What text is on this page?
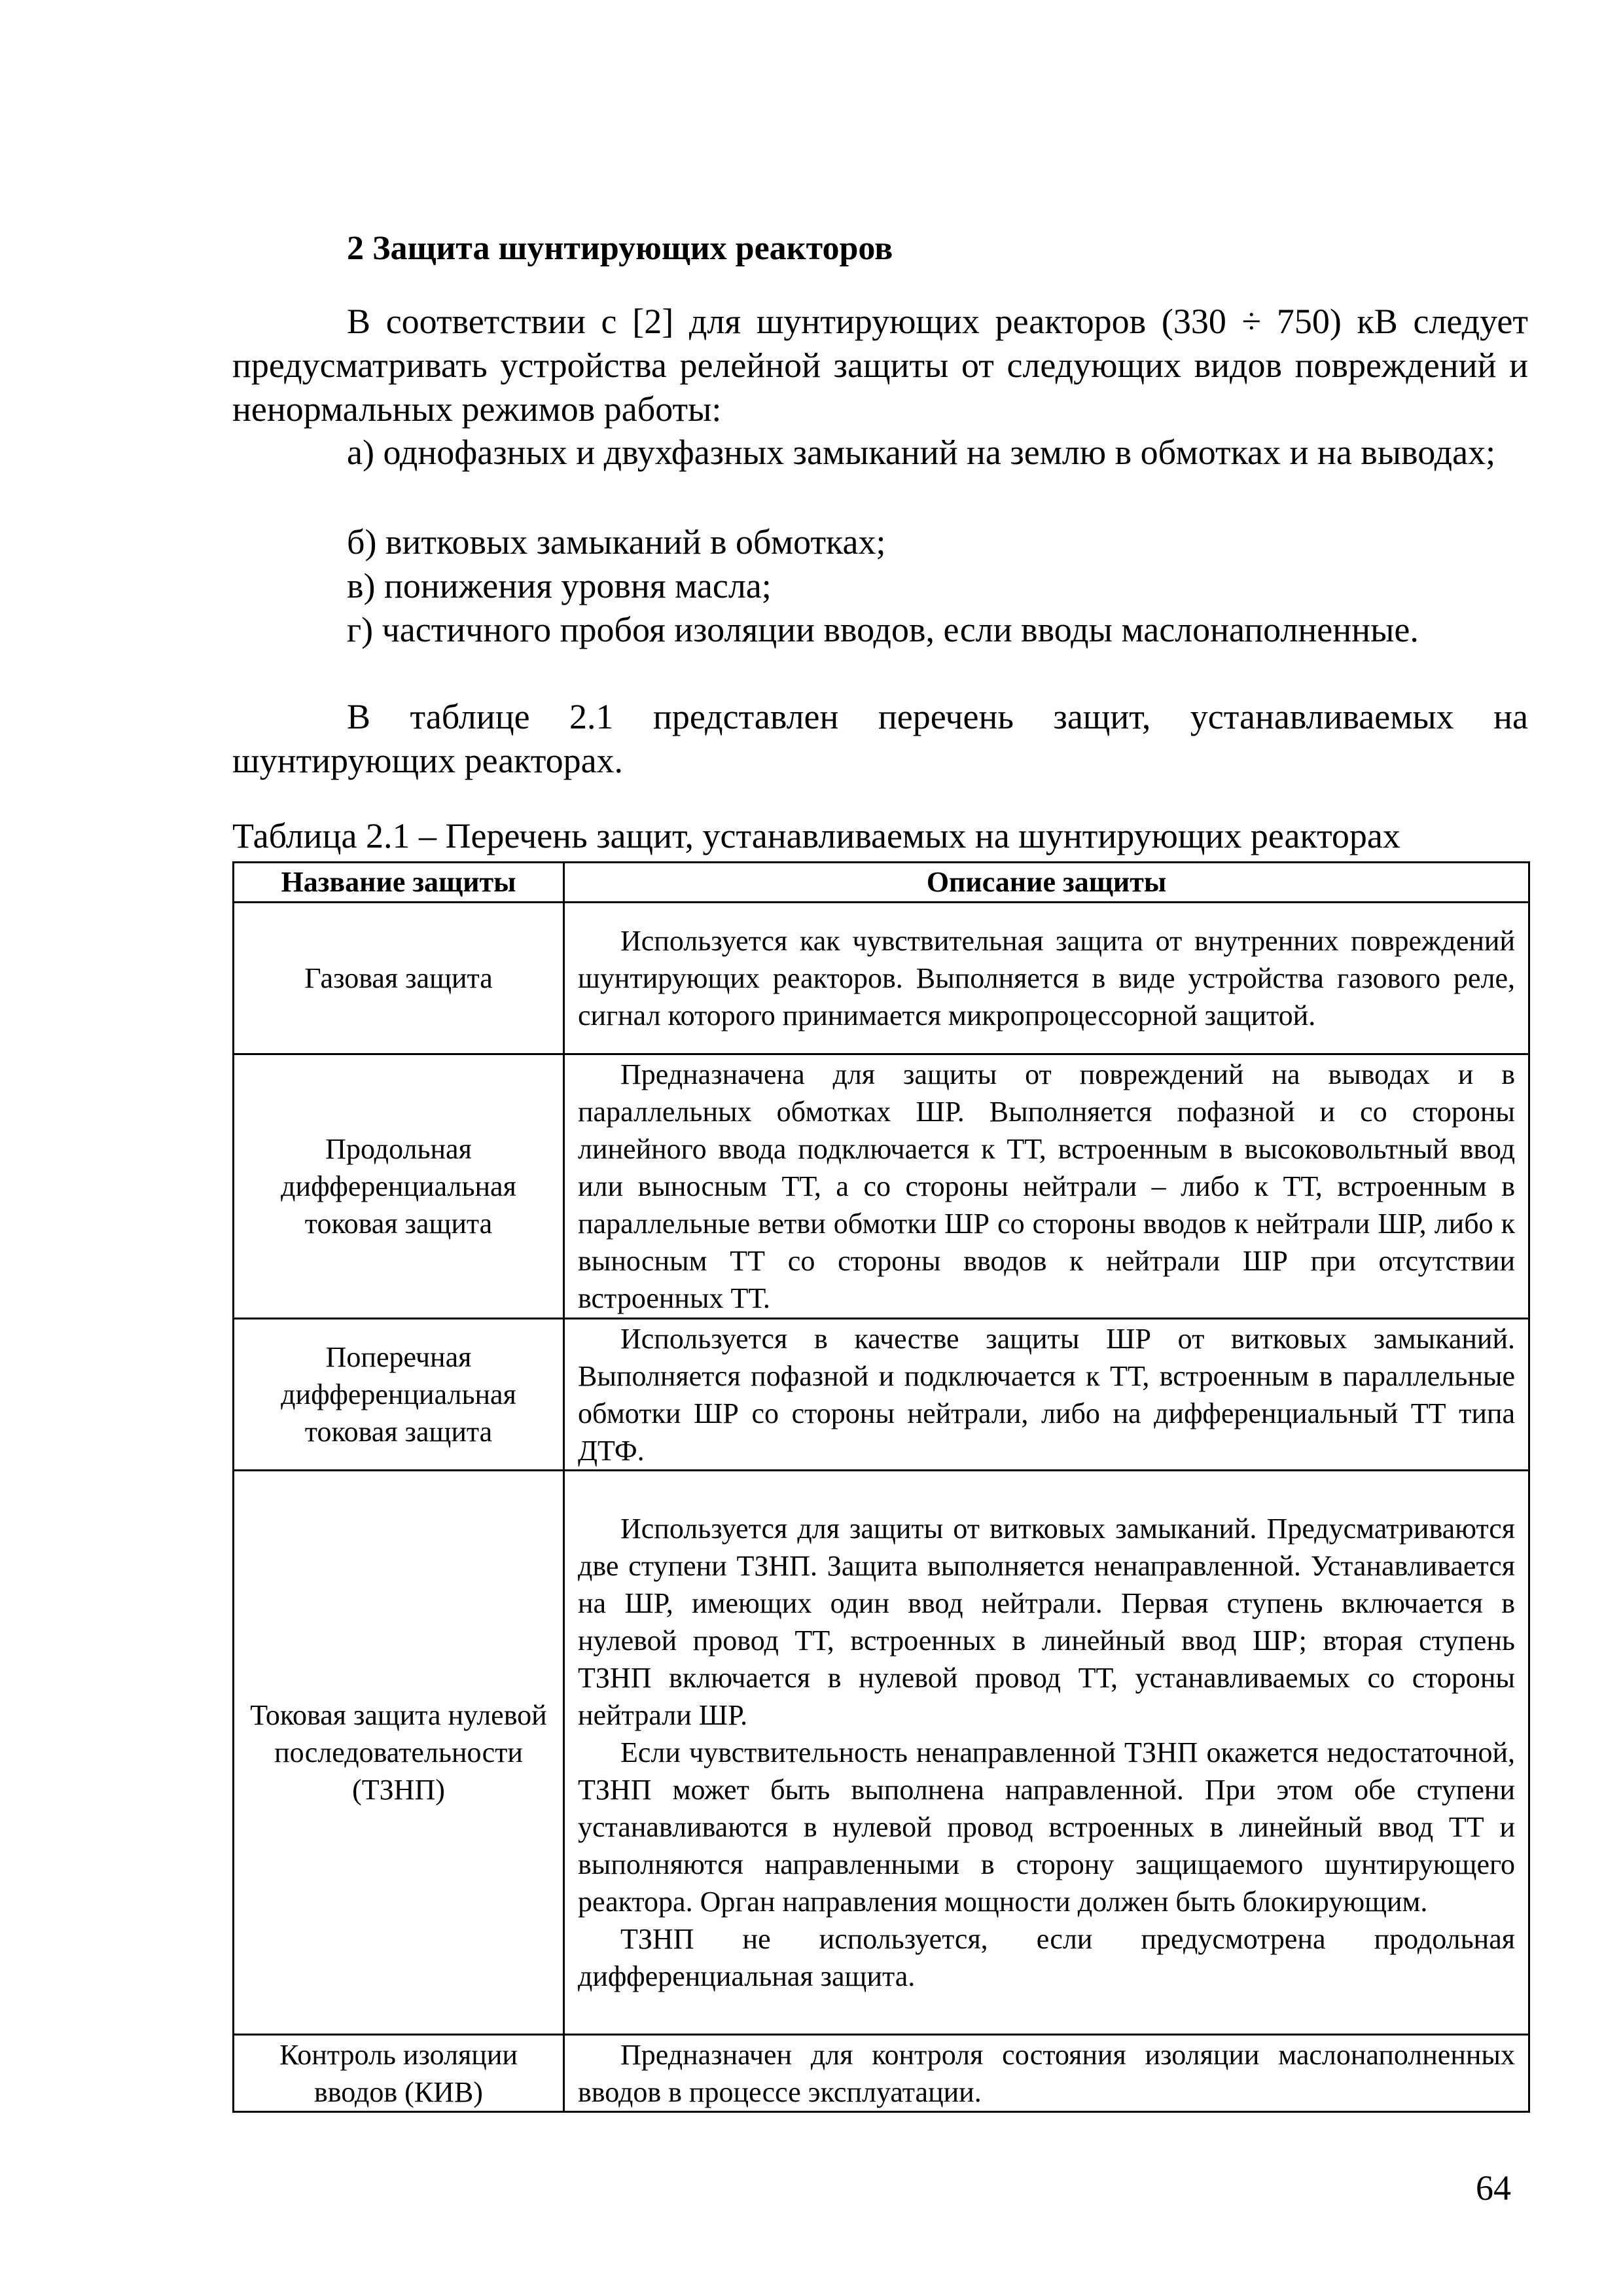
2 Защита шунтирующих реакторов

В соответствии с [2] для шунтирующих реакторов (330 ÷ 750) кВ следует предусматривать устройства релейной защиты от следующих видов повреждений и ненормальных режимов работы:

а) однофазных и двухфазных замыканий на землю в обмотках и на выводах;

б) витковых замыканий в обмотках;

в) понижения уровня масла;

г) частичного пробоя изоляции вводов, если вводы маслонаполненные.

В таблице 2.1 представлен перечень защит, устанавливаемых на шунтирующих реакторах.

Таблица 2.1 – Перечень защит, устанавливаемых на шунтирующих реакторах

Название защиты	Описание защиты
Газовая защита	Используется как чувствительная защита от внутренних повреждений шунтирующих реакторов. Выполняется в виде устройства газового реле, сигнал которого принимается микропроцессорной защитой.

Продольная дифференциальная токовая защита	Предназначена для защиты от повреждений на выводах и в параллельных обмотках ШР. Выполняется пофазной и со стороны линейного ввода подключается к ТТ, встроенным в высоковольтный ввод или выносным ТТ, а со стороны нейтрали – либо к ТТ, встроенным в параллельные ветви обмотки ШР со стороны вводов к нейтрали ШР, либо к выносным ТТ со стороны вводов к нейтрали ШР при отсутствии встроенных ТТ.

Поперечная дифференциальная токовая защита	Используется в качестве защиты ШР от витковых замыканий. Выполняется пофазной и подключается к ТТ, встроенным в параллельные обмотки ШР со стороны нейтрали, либо на дифференциальный ТТ типа ДТФ.

Токовая защита нулевой последовательности (ТЗНП)	Используется для защиты от витковых замыканий. Предусматриваются две ступени ТЗНП. Защита выполняется ненаправленной. Устанавливается на ШР, имеющих один ввод нейтрали. Первая ступень включается в нулевой провод ТТ, встроенных в линейный ввод ШР; вторая ступень ТЗНП включается в нулевой провод ТТ, устанавливаемых со стороны нейтрали ШР.

Если чувствительность ненаправленной ТЗНП окажется недостаточной, ТЗНП может быть выполнена направленной. При этом обе ступени устанавливаются в нулевой провод встроенных в линейный ввод ТТ и выполняются направленными в сторону защищаемого шунтирующего реактора. Орган направления мощности должен быть блокирующим.

ТЗНП не используется, если предусмотрена продольная дифференциальная защита.

Контроль изоляции вводов (КИВ)	Предназначен для контроля состояния изоляции маслонаполненных вводов в процессе эксплуатации.

64
